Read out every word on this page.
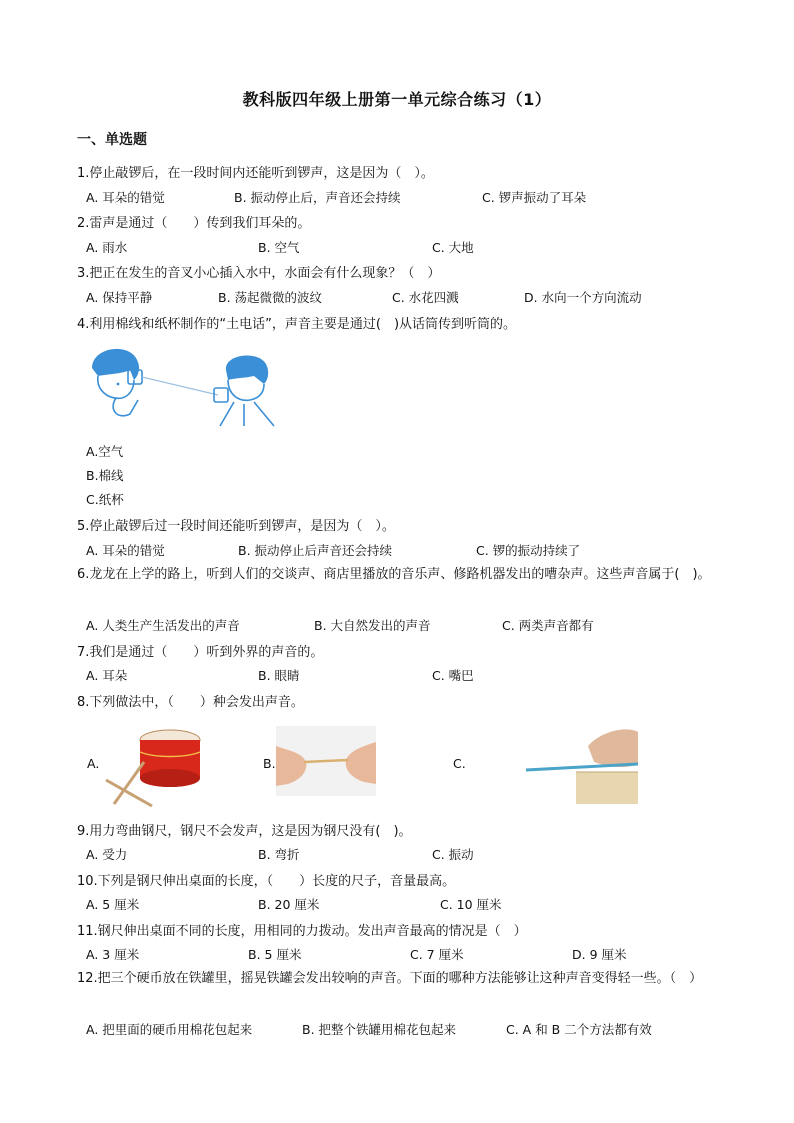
教科版四年级上册第一单元综合练习（1）
一、单选题
1.停止敲锣后，在一段时间内还能听到锣声，这是因为（　）。
A. 耳朵的错觉	B. 振动停止后，声音还会持续	C. 锣声振动了耳朵
2.雷声是通过（　　）传到我们耳朵的。
A. 雨水	B. 空气	C. 大地
3.把正在发生的音叉小心插入水中，水面会有什么现象？（　）
A. 保持平静	B. 荡起微微的波纹	C. 水花四溅	D. 水向一个方向流动
4.利用棉线和纸杯制作的“土电话”，声音主要是通过(　)从话筒传到听筒的。
A.空气
B.棉线
C.纸杯
5.停止敲锣后过一段时间还能听到锣声，是因为（　）。
A. 耳朵的错觉	B. 振动停止后声音还会持续	C. 锣的振动持续了
6.龙龙在上学的路上，听到人们的交谈声、商店里播放的音乐声、修路机器发出的嘈杂声。这些声音属于(　)。
A. 人类生产生活发出的声音	B. 大自然发出的声音	C. 两类声音都有
7.我们是通过（　　）听到外界的声音的。
A. 耳朵	B. 眼睛	C. 嘴巴
8.下列做法中，（　　）种会发出声音。
A.	B.	C.
9.用力弯曲钢尺，钢尺不会发声，这是因为钢尺没有(　)。
A. 受力	B. 弯折	C. 振动
10.下列是钢尺伸出桌面的长度，（　　）长度的尺子，音量最高。
A. 5 厘米	B. 20 厘米	C. 10 厘米
11.钢尺伸出桌面不同的长度，用相同的力拨动。发出声音最高的情况是（　）
A. 3 厘米	B. 5 厘米	C. 7 厘米	D. 9 厘米
12.把三个硬币放在铁罐里，摇晃铁罐会发出较响的声音。下面的哪种方法能够让这种声音变得轻一些。（　）
A. 把里面的硬币用棉花包起来	B. 把整个铁罐用棉花包起来	C. A 和 B 二个方法都有效
